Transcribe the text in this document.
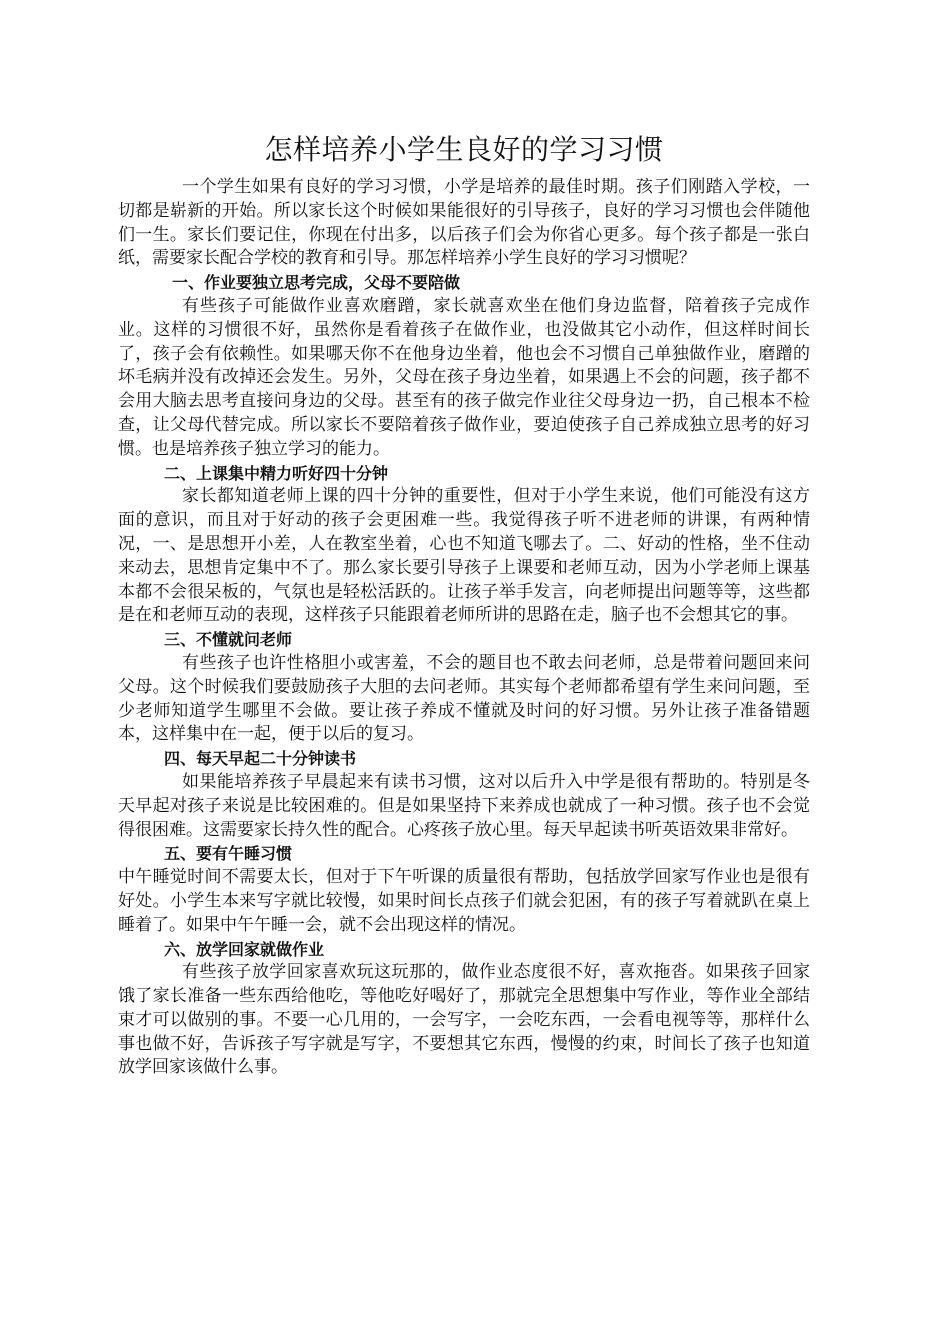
怎样培养小学生良好的学习习惯

一个学生如果有良好的学习习惯，小学是培养的最佳时期。孩子们刚踏入学校，一切都是崭新的开始。所以家长这个时候如果能很好的引导孩子，良好的学习习惯也会伴随他们一生。家长们要记住，你现在付出多，以后孩子们会为你省心更多。每个孩子都是一张白纸，需要家长配合学校的教育和引导。那怎样培养小学生良好的学习习惯呢？

一、作业要独立思考完成，父母不要陪做

有些孩子可能做作业喜欢磨蹭，家长就喜欢坐在他们身边监督，陪着孩子完成作业。这样的习惯很不好，虽然你是看着孩子在做作业，也没做其它小动作，但这样时间长了，孩子会有依赖性。如果哪天你不在他身边坐着，他也会不习惯自己单独做作业，磨蹭的坏毛病并没有改掉还会发生。另外，父母在孩子身边坐着，如果遇上不会的问题，孩子都不会用大脑去思考直接问身边的父母。甚至有的孩子做完作业往父母身边一扔，自己根本不检查，让父母代替完成。所以家长不要陪着孩子做作业，要迫使孩子自己养成独立思考的好习惯。也是培养孩子独立学习的能力。

二、上课集中精力听好四十分钟

家长都知道老师上课的四十分钟的重要性，但对于小学生来说，他们可能没有这方面的意识，而且对于好动的孩子会更困难一些。我觉得孩子听不进老师的讲课，有两种情况，一、是思想开小差，人在教室坐着，心也不知道飞哪去了。二、好动的性格，坐不住动来动去，思想肯定集中不了。那么家长要引导孩子上课要和老师互动，因为小学老师上课基本都不会很呆板的，气氛也是轻松活跃的。让孩子举手发言，向老师提出问题等等，这些都是在和老师互动的表现，这样孩子只能跟着老师所讲的思路在走，脑子也不会想其它的事。

三、不懂就问老师

有些孩子也许性格胆小或害羞，不会的题目也不敢去问老师，总是带着问题回来问父母。这个时候我们要鼓励孩子大胆的去问老师。其实每个老师都希望有学生来问问题，至少老师知道学生哪里不会做。要让孩子养成不懂就及时问的好习惯。另外让孩子准备错题本，这样集中在一起，便于以后的复习。

四、每天早起二十分钟读书

如果能培养孩子早晨起来有读书习惯，这对以后升入中学是很有帮助的。特别是冬天早起对孩子来说是比较困难的。但是如果坚持下来养成也就成了一种习惯。孩子也不会觉得很困难。这需要家长持久性的配合。心疼孩子放心里。每天早起读书听英语效果非常好。

五、要有午睡习惯

中午睡觉时间不需要太长，但对于下午听课的质量很有帮助，包括放学回家写作业也是很有好处。小学生本来写字就比较慢，如果时间长点孩子们就会犯困，有的孩子写着就趴在桌上睡着了。如果中午午睡一会，就不会出现这样的情况。

六、放学回家就做作业

有些孩子放学回家喜欢玩这玩那的，做作业态度很不好，喜欢拖沓。如果孩子回家饿了家长准备一些东西给他吃，等他吃好喝好了，那就完全思想集中写作业，等作业全部结束才可以做别的事。不要一心几用的，一会写字，一会吃东西，一会看电视等等，那样什么事也做不好，告诉孩子写字就是写字，不要想其它东西，慢慢的约束，时间长了孩子也知道放学回家该做什么事。
